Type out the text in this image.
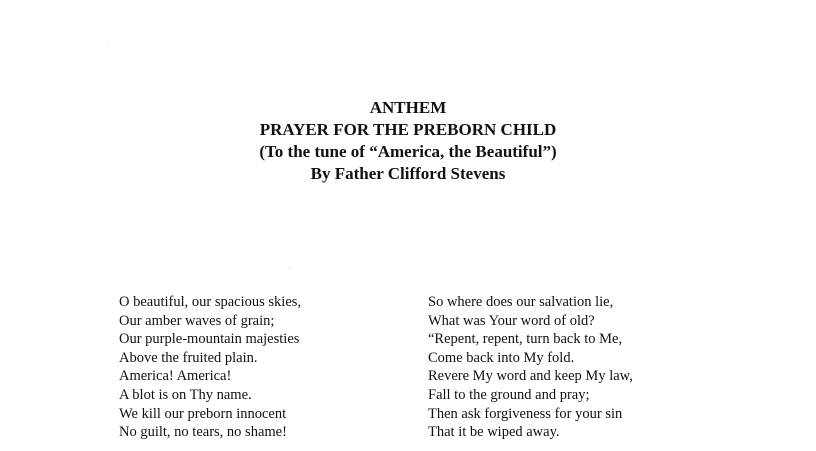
ANTHEM
PRAYER FOR THE PREBORN CHILD
(To the tune of “America, the Beautiful”)
By Father Clifford Stevens
O beautiful, our spacious skies,
Our amber waves of grain;
Our purple-mountain majesties
Above the fruited plain.
America! America!
A blot is on Thy name.
We kill our preborn innocent
No guilt, no tears, no shame!
So where does our salvation lie,
What was Your word of old?
“Repent, repent, turn back to Me,
Come back into My fold.
Revere My word and keep My law,
Fall to the ground and pray;
Then ask forgiveness for your sin
That it be wiped away.
